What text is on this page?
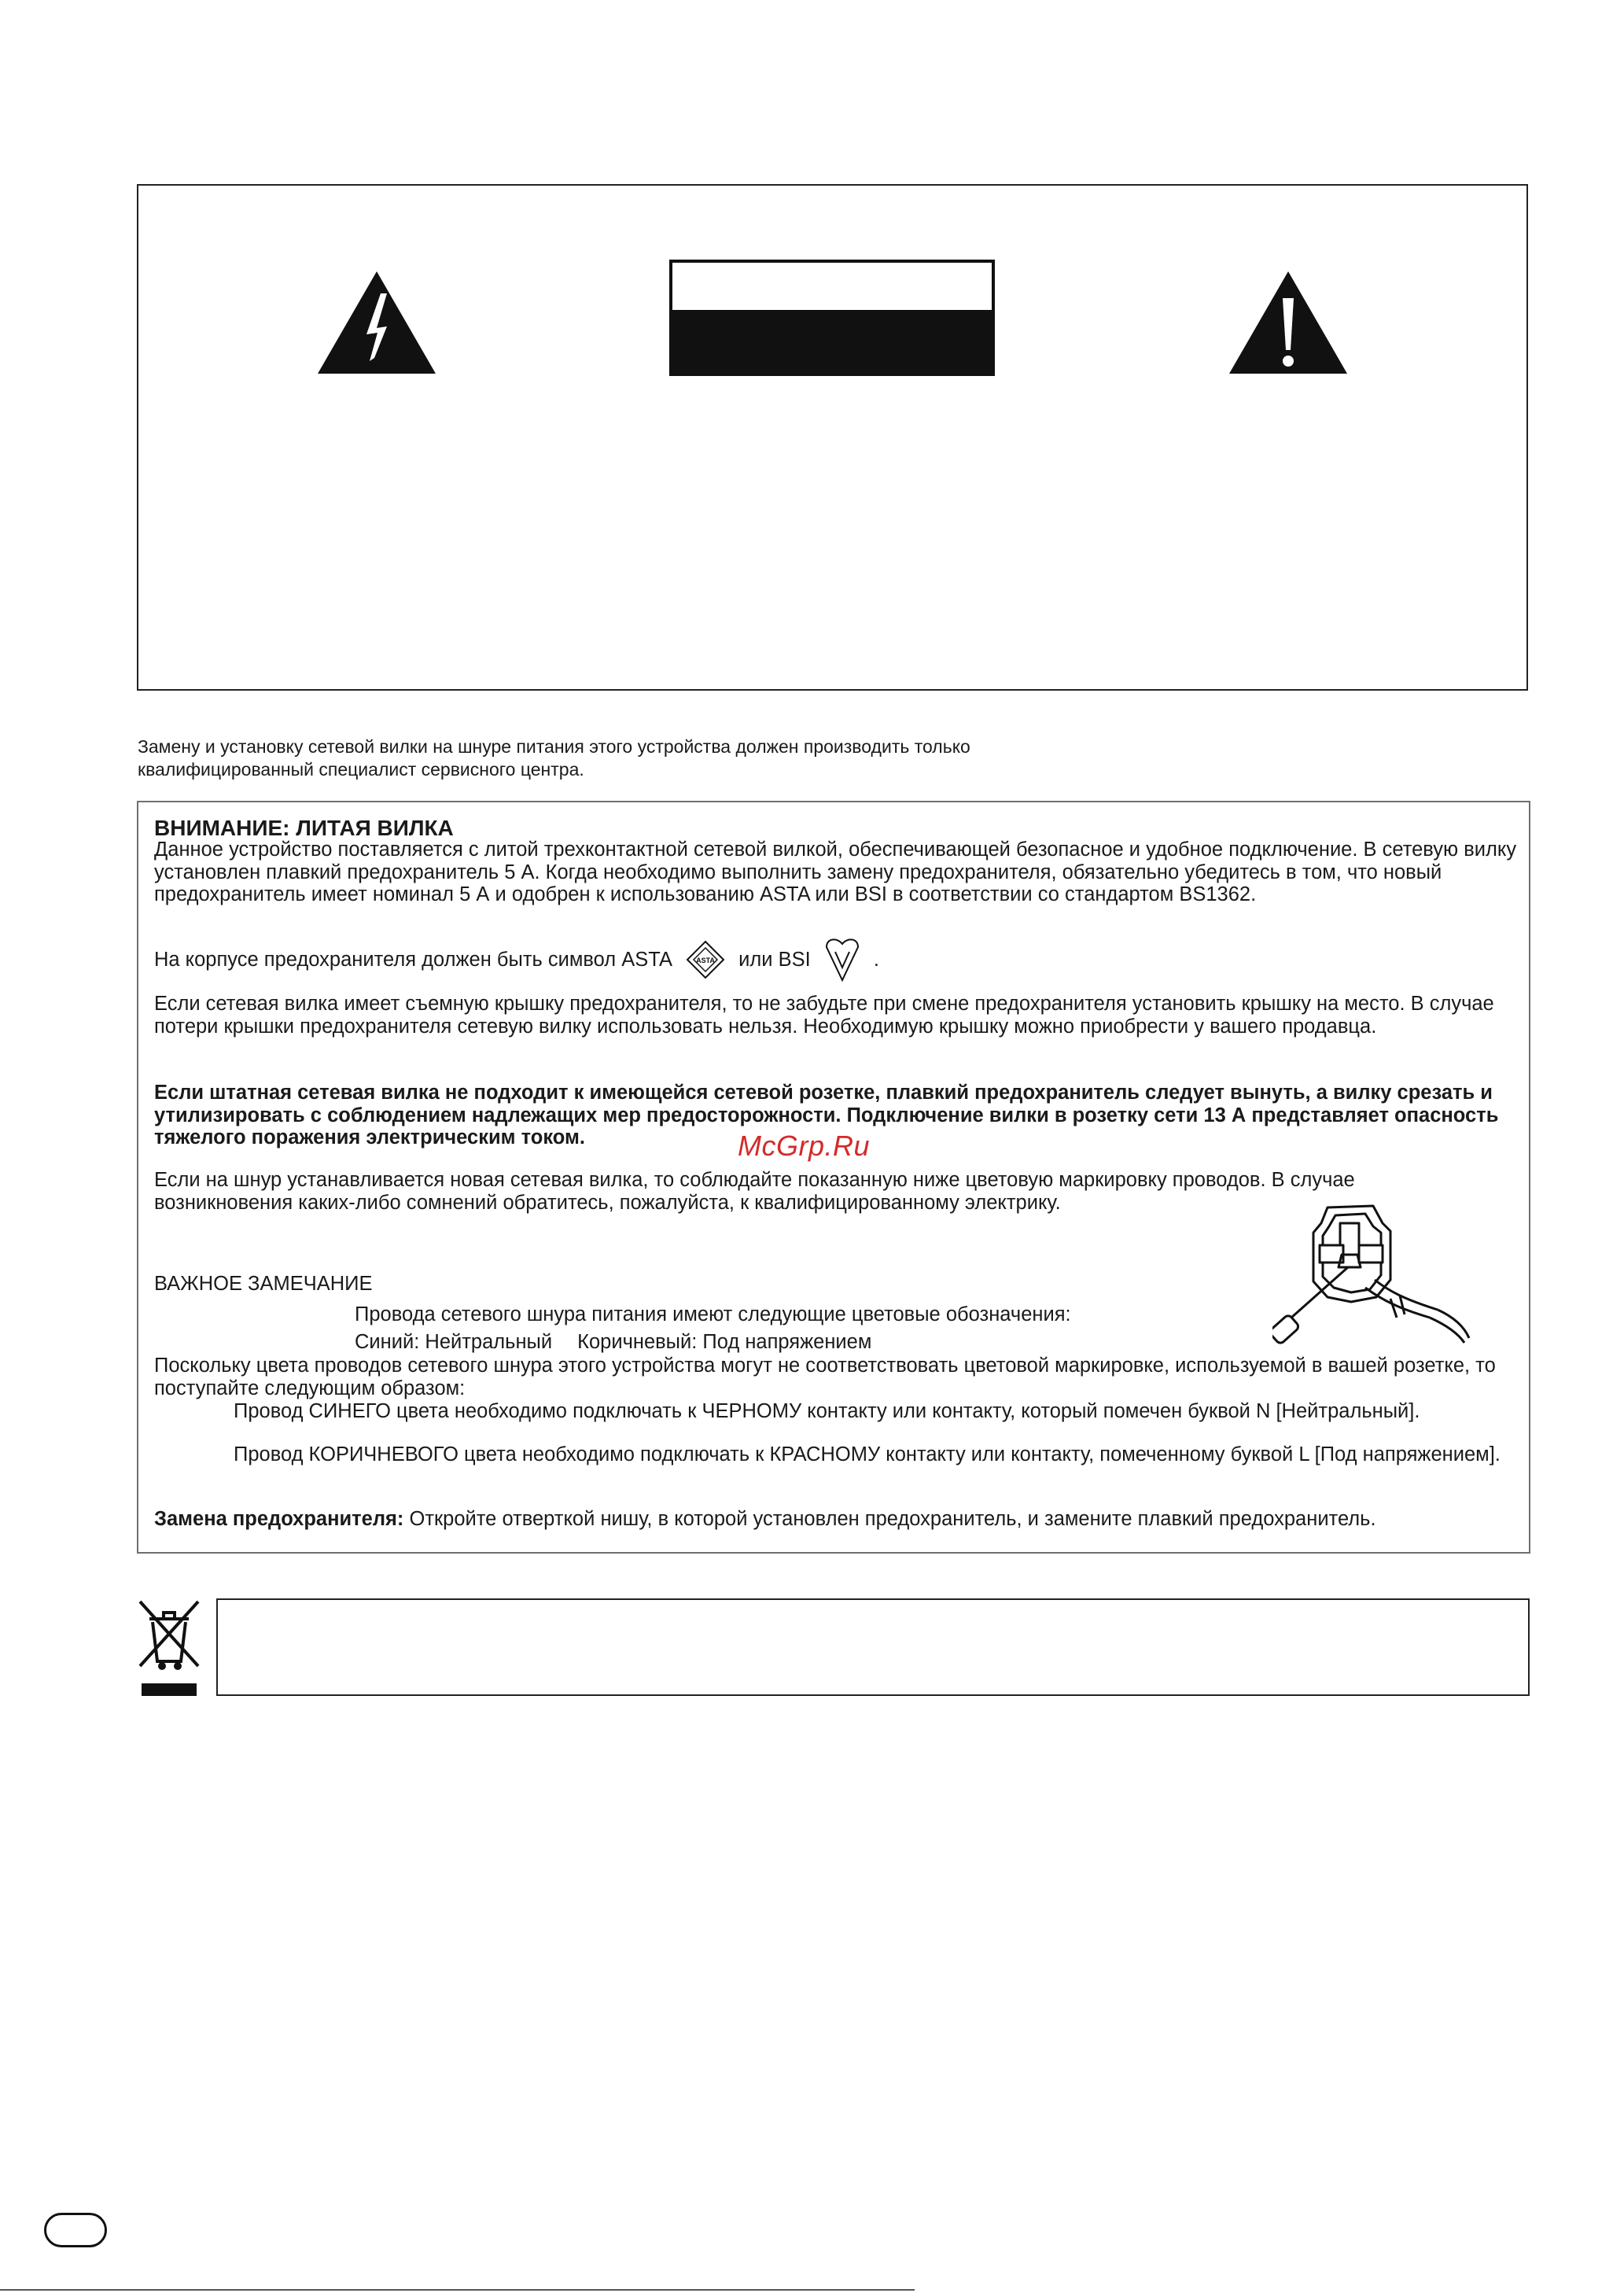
Замену и установку сетевой вилки на шнуре питания этого устройства должен производить только
квалифицированный специалист сервисного центра.
ВНИМАНИЕ: ЛИТАЯ ВИЛКА
Данное устройство поставляется с литой трехконтактной сетевой вилкой, обеспечивающей безопасное и удобное подключение. В сетевую вилку установлен плавкий предохранитель 5 А. Когда необходимо выполнить замену предохранителя, обязательно убедитесь в том, что новый предохранитель имеет номинал 5 А и одобрен к использованию ASTA или BSI в соответствии со стандартом BS1362.
На корпусе предохранителя должен быть символ ASTA	ASTA или BSI	.
Если сетевая вилка имеет съемную крышку предохранителя, то не забудьте при смене предохранителя установить крышку на место. В случае потери крышки предохранителя сетевую вилку использовать нельзя. Необходимую крышку можно приобрести у вашего продавца.
Если штатная сетевая вилка не подходит к имеющейся сетевой розетке, плавкий предохранитель следует вынуть, а вилку срезать и утилизировать с соблюдением надлежащих мер предосторожности. Подключение вилки в розетку сети 13 А представляет опасность тяжелого поражения электрическим током.
Если на шнур устанавливается новая сетевая вилка, то соблюдайте показанную ниже цветовую маркировку проводов. В случае возникновения каких-либо сомнений обратитесь, пожалуйста, к квалифицированному электрику.
ВАЖНОЕ ЗАМЕЧАНИЕ
Провода сетевого шнура питания имеют следующие цветовые обозначения:
Синий: Нейтральный Коричневый: Под напряжением
Поскольку цвета проводов сетевого шнура этого устройства могут не соответствовать цветовой маркировке, используемой в вашей розетке, то поступайте следующим образом:
Провод СИНЕГО цвета необходимо подключать к ЧЕРНОМУ контакту или контакту, который помечен буквой N [Нейтральный].
Провод КОРИЧНЕВОГО цвета необходимо подключать к КРАСНОМУ контакту или контакту, помеченному буквой L [Под напряжением].
Замена предохранителя: Откройте отверткой нишу, в которой установлен предохранитель, и замените плавкий предохранитель.
McGrp.Ru
